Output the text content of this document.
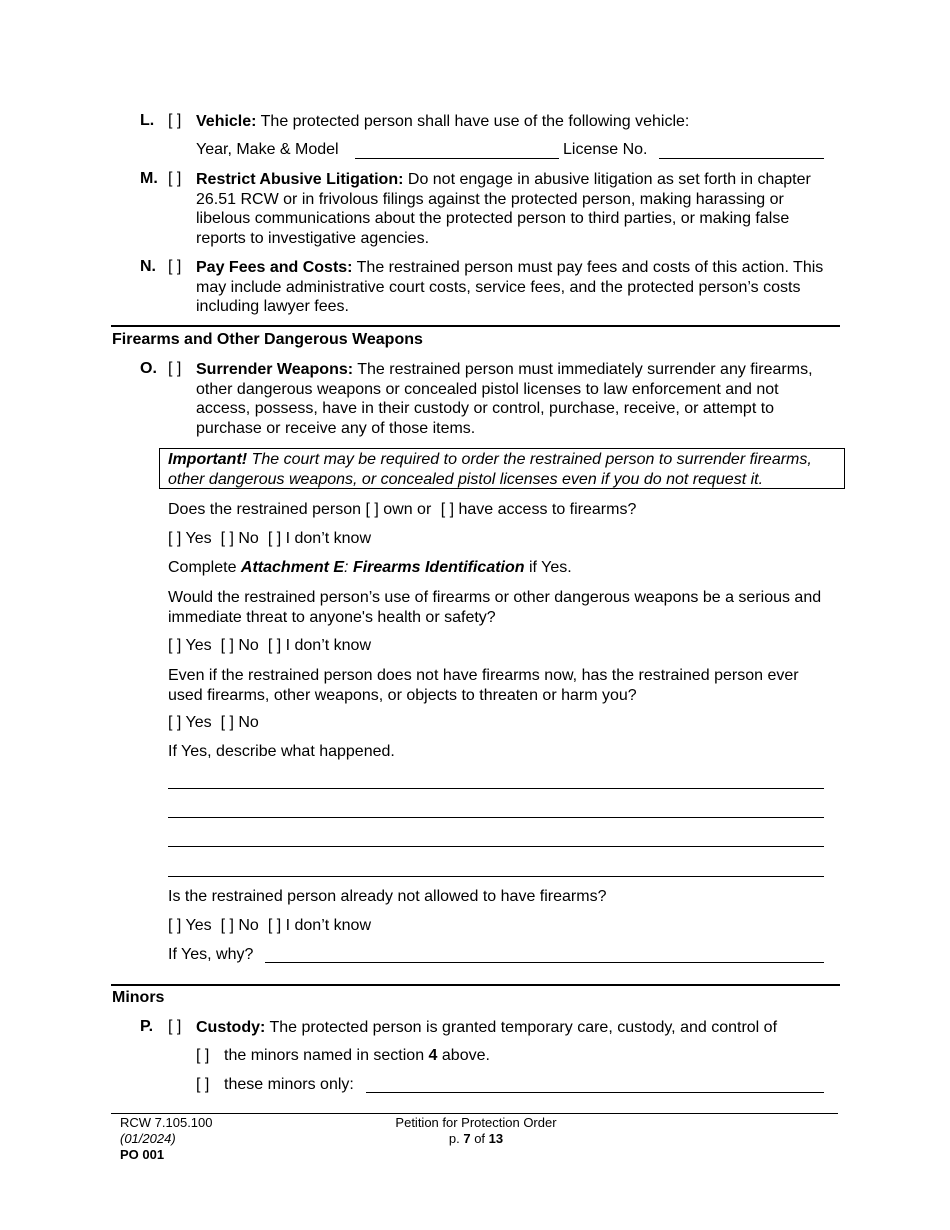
L. [ ] Vehicle: The protected person shall have use of the following vehicle:
Year, Make & Model	License No.
M. [ ] Restrict Abusive Litigation: Do not engage in abusive litigation as set forth in chapter 26.51 RCW or in frivolous filings against the protected person, making harassing or libelous communications about the protected person to third parties, or making false reports to investigative agencies.
N. [ ] Pay Fees and Costs: The restrained person must pay fees and costs of this action. This may include administrative court costs, service fees, and the protected person’s costs including lawyer fees.
Firearms and Other Dangerous Weapons
O. [ ] Surrender Weapons: The restrained person must immediately surrender any firearms, other dangerous weapons or concealed pistol licenses to law enforcement and not access, possess, have in their custody or control, purchase, receive, or attempt to purchase or receive any of those items.
Important! The court may be required to order the restrained person to surrender firearms, other dangerous weapons, or concealed pistol licenses even if you do not request it.
Does the restrained person [ ] own or [ ] have access to firearms?
[ ] Yes [ ] No [ ] I don’t know
Complete Attachment E: Firearms Identification if Yes.
Would the restrained person’s use of firearms or other dangerous weapons be a serious and immediate threat to anyone's health or safety?
[ ] Yes [ ] No [ ] I don’t know
Even if the restrained person does not have firearms now, has the restrained person ever used firearms, other weapons, or objects to threaten or harm you?
[ ] Yes [ ] No
If Yes, describe what happened.
Is the restrained person already not allowed to have firearms?
[ ] Yes [ ] No [ ] I don’t know
If Yes, why?
Minors
P. [ ] Custody: The protected person is granted temporary care, custody, and control of
[ ] the minors named in section 4 above.
[ ] these minors only:
RCW 7.105.100
(01/2024)
PO 001
Petition for Protection Order
p. 7 of 13
